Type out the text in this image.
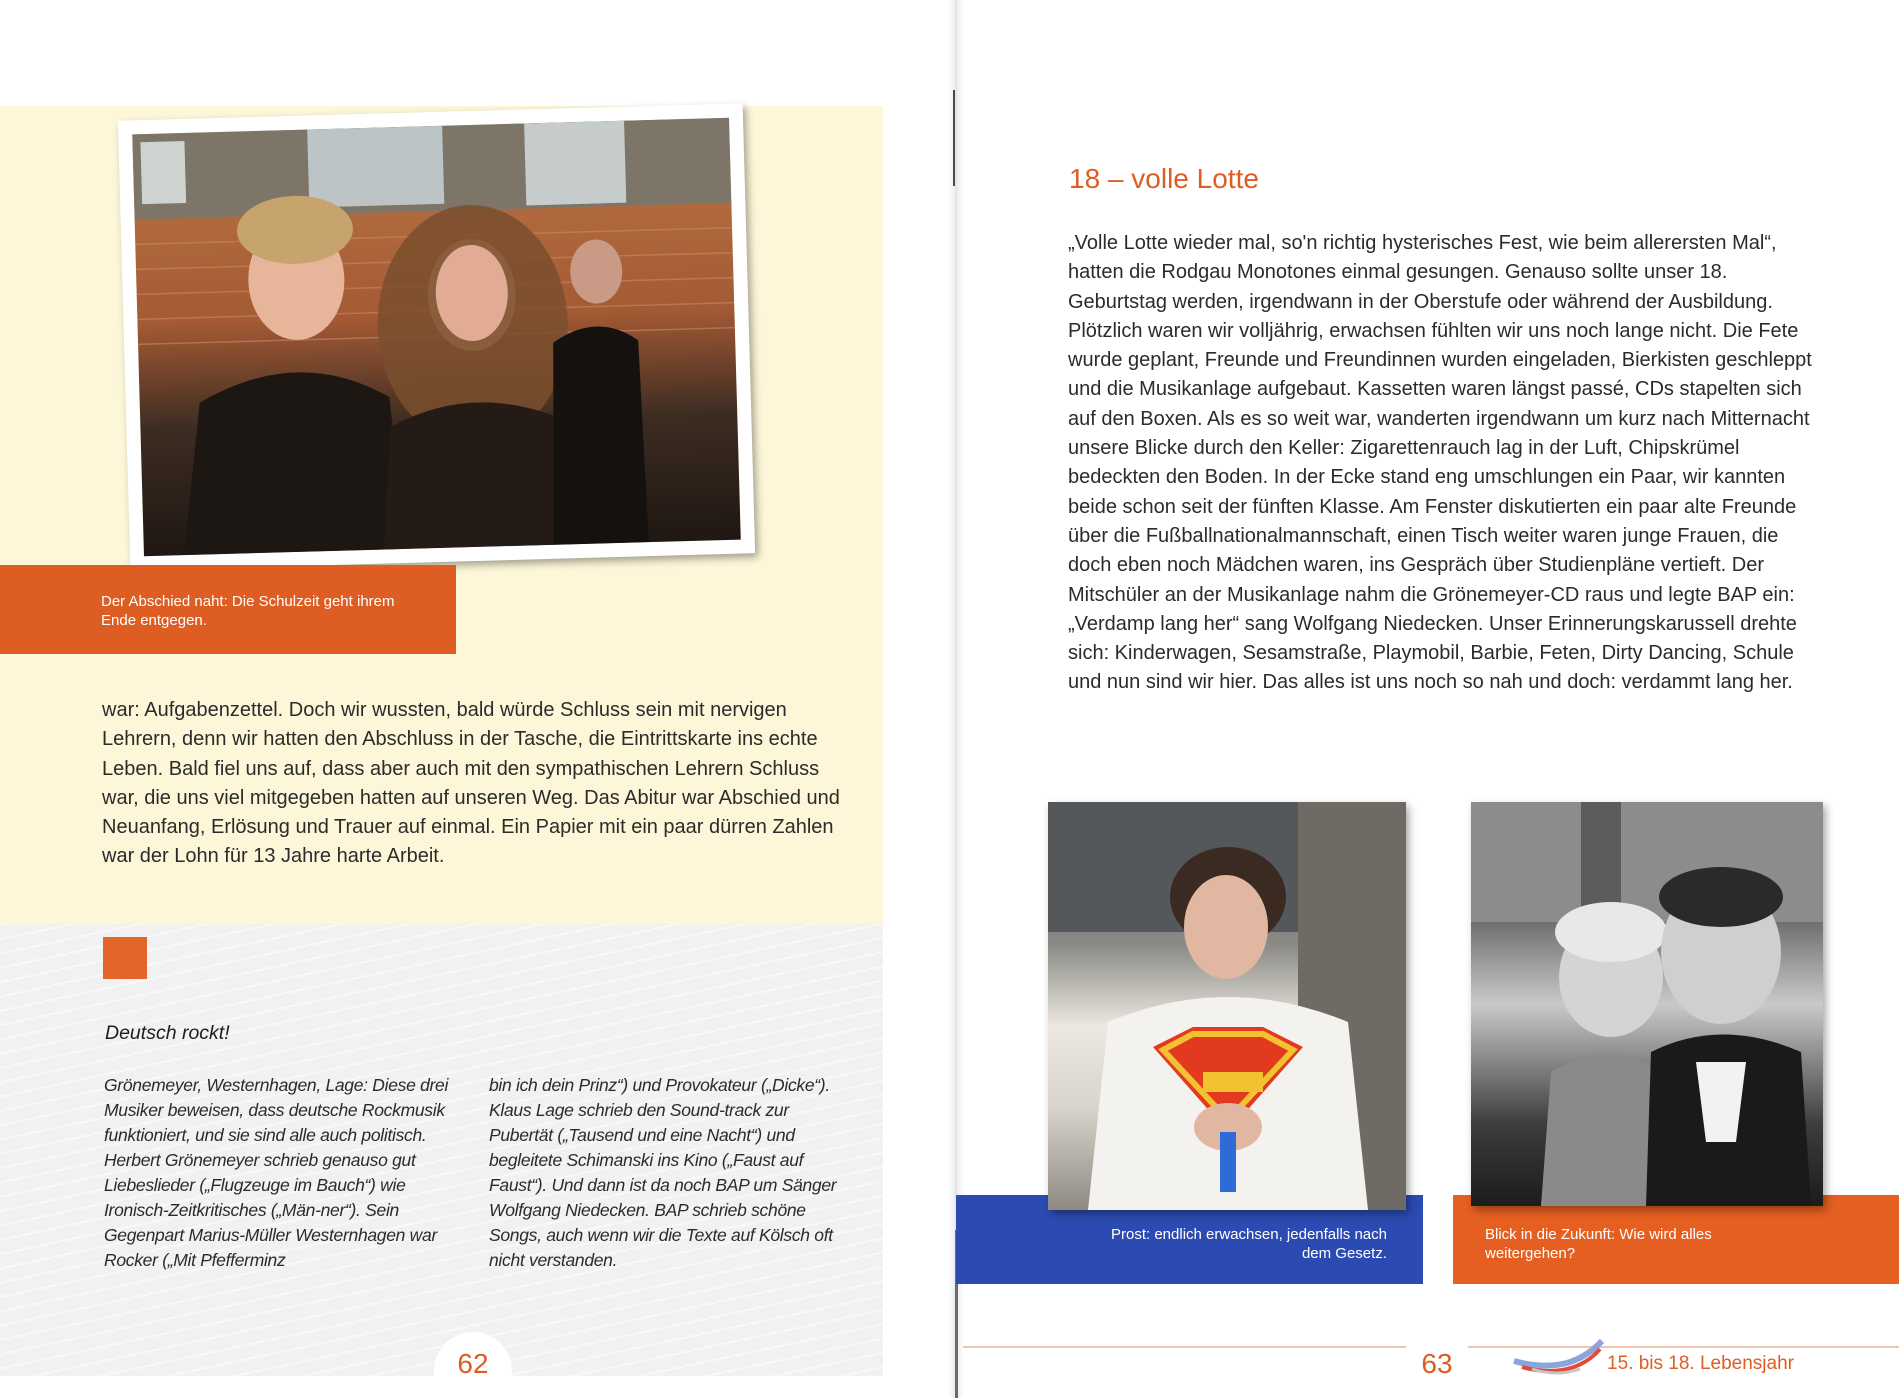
Der Abschied naht: Die Schulzeit geht ihrem Ende entgegen.
war: Aufgabenzettel. Doch wir wussten, bald würde Schluss sein mit nervigen Lehrern, denn wir hatten den Abschluss in der Tasche, die Eintrittskarte ins echte Leben. Bald fiel uns auf, dass aber auch mit den sympathischen Lehrern Schluss war, die uns viel mitgegeben hatten auf unseren Weg. Das Abitur war Abschied und Neuanfang, Erlösung und Trauer auf einmal. Ein Papier mit ein paar dürren Zahlen war der Lohn für 13 Jahre harte Arbeit.
Deutsch rockt!
Grönemeyer, Westernhagen, Lage: Diese drei Musiker beweisen, dass deutsche Rockmusik funktioniert, und sie sind alle auch politisch. Herbert Grönemeyer schrieb genauso gut Liebeslieder („Flugzeuge im Bauch“) wie Ironisch-Zeitkritisches („Män-ner“). Sein Gegenpart Marius-Müller Westernhagen war Rocker („Mit Pfefferminz
bin ich dein Prinz“) und Provokateur („Dicke“). Klaus Lage schrieb den Sound-track zur Pubertät („Tausend und eine Nacht“) und begleitete Schimanski ins Kino („Faust auf Faust“). Und dann ist da noch BAP um Sänger Wolfgang Niedecken. BAP schrieb schöne Songs, auch wenn wir die Texte auf Kölsch oft nicht verstanden.
62
18 – volle Lotte
„Volle Lotte wieder mal, so'n richtig hysterisches Fest, wie beim allerersten Mal“, hatten die Rodgau Monotones einmal gesungen. Genauso sollte unser 18. Geburtstag werden, irgendwann in der Oberstufe oder während der Ausbildung. Plötzlich waren wir volljährig, erwachsen fühlten wir uns noch lange nicht. Die Fete wurde geplant, Freunde und Freundinnen wurden eingeladen, Bierkisten geschleppt und die Musikanlage aufgebaut. Kassetten waren längst passé, CDs stapelten sich auf den Boxen. Als es so weit war, wanderten irgendwann um kurz nach Mitternacht unsere Blicke durch den Keller: Zigarettenrauch lag in der Luft, Chipskrümel bedeckten den Boden. In der Ecke stand eng umschlungen ein Paar, wir kannten beide schon seit der fünften Klasse. Am Fenster diskutierten ein paar alte Freunde über die Fußballnationalmannschaft, einen Tisch weiter waren junge Frauen, die doch eben noch Mädchen waren, ins Gespräch über Studienpläne vertieft. Der Mitschüler an der Musikanlage nahm die Grönemeyer-CD raus und legte BAP ein: „Verdamp lang her“ sang Wolfgang Niedecken. Unser Erinnerungskarussell drehte sich: Kinderwagen, Sesamstraße, Playmobil, Barbie, Feten, Dirty Dancing, Schule und nun sind wir hier. Das alles ist uns noch so nah und doch: verdammt lang her.
Prost: endlich erwachsen, jedenfalls nach dem Gesetz.
Blick in die Zukunft: Wie wird alles weitergehen?
63	15. bis 18. Lebensjahr
